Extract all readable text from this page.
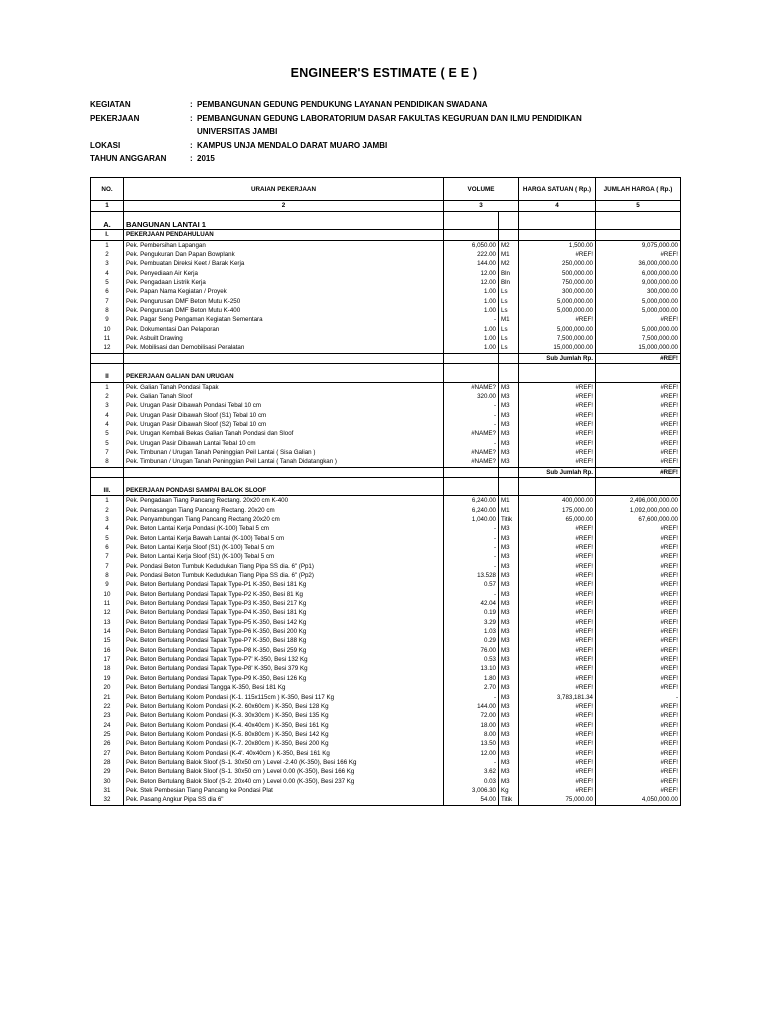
ENGINEER'S ESTIMATE ( E E )
KEGIATAN	: PEMBANGUNAN GEDUNG PENDUKUNG LAYANAN PENDIDIKAN SWADANA
PEKERJAAN	: PEMBANGUNAN GEDUNG LABORATORIUM DASAR FAKULTAS KEGURUAN DAN ILMU PENDIDIKAN
UNIVERSITAS JAMBI
LOKASI	: KAMPUS UNJA MENDALO DARAT MUARO JAMBI
TAHUN ANGGARAN	: 2015
NO.	URAIAN PEKERJAAN	VOLUME		HARGA SATUAN ( Rp.)	JUMLAH HARGA ( Rp.)
1	2	3		4	5

A.	BANGUNAN LANTAI 1				
I.	PEKERJAAN PENDAHULUAN				
1	Pek. Pembersihan Lapangan	6,050.00	M2	1,500.00	9,075,000.00
2	Pek. Pengukuran Dan Papan Bowplank	222.00	M1	#REF!	#REF!
3	Pek. Pembuatan Direksi Keet / Barak Kerja	144.00	M2	250,000.00	36,000,000.00
4	Pek. Penyediaan Air Kerja	12.00	Bln	500,000.00	6,000,000.00
5	Pek. Pengadaan Listrik Kerja	12.00	Bln	750,000.00	9,000,000.00
6	Pek. Papan Nama Kegiatan / Proyek	1.00	Ls	300,000.00	300,000.00
7	Pek. Pengurusan DMF Beton Mutu K-250	1.00	Ls	5,000,000.00	5,000,000.00
8	Pek. Pengurusan DMF Beton Mutu K-400	1.00	Ls	5,000,000.00	5,000,000.00
9	Pek. Pagar Seng Pengaman Kegiatan Sementara	-	M1	#REF!	#REF!
10	Pek. Dokumentasi Dan Pelaporan	1.00	Ls	5,000,000.00	5,000,000.00
11	Pek. Asbuilt Drawing	1.00	Ls	7,500,000.00	7,500,000.00
12	Pek. Mobilisasi dan Demobilisasi Peralatan	1.00	Ls	15,000,000.00	15,000,000.00
				Sub Jumlah Rp.	#REF!

II	PEKERJAAN GALIAN DAN URUGAN				
1	Pek. Galian Tanah Pondasi Tapak	#NAME?	M3	#REF!	#REF!
2	Pek. Galian Tanah Sloof	320.00	M3	#REF!	#REF!
3	Pek. Urugan Pasir Dibawah Pondasi Tebal 10 cm	-	M3	#REF!	#REF!
4	Pek. Urugan Pasir Dibawah Sloof (S1) Tebal 10 cm	-	M3	#REF!	#REF!
4	Pek. Urugan Pasir Dibawah Sloof (S2) Tebal 10 cm	-	M3	#REF!	#REF!
5	Pek. Urugan Kembali Bekas Galian Tanah Pondasi dan Sloof	#NAME?	M3	#REF!	#REF!
5	Pek. Urugan Pasir Dibawah Lantai Tebal 10 cm	-	M3	#REF!	#REF!
7	Pek. Timbunan / Urugan Tanah Peninggian Peil Lantai ( Sisa Galian )	#NAME?	M3	#REF!	#REF!
8	Pek. Timbunan / Urugan Tanah Peninggian Peil Lantai ( Tanah Didatangkan )	#NAME?	M3	#REF!	#REF!
				Sub Jumlah Rp.	#REF!

III.	PEKERJAAN PONDASI SAMPAI BALOK SLOOF				
1	Pek. Pengadaan Tiang Pancang Rectang. 20x20 cm K-400	6,240.00	M1	400,000.00	2,496,000,000.00
2	Pek. Pemasangan Tiang Pancang Rectang. 20x20 cm	6,240.00	M1	175,000.00	1,092,000,000.00
3	Pek. Penyambungan Tiang Pancang Rectang 20x20 cm	1,040.00	Titik	65,000.00	67,600,000.00
4	Pek. Beton Lantai Kerja Pondasi (K-100) Tebal 5 cm	-	M3	#REF!	#REF!
5	Pek. Beton Lantai Kerja Bawah Lantai (K-100) Tebal 5 cm	-	M3	#REF!	#REF!
6	Pek. Beton Lantai Kerja Sloof (S1) (K-100) Tebal 5 cm	-	M3	#REF!	#REF!
7	Pek. Beton Lantai Kerja Sloof (S1) (K-100) Tebal 5 cm	-	M3	#REF!	#REF!
7	Pek. Pondasi Beton Tumbuk Kedudukan Tiang Pipa SS dia. 6" (Pp1)	-	M3	#REF!	#REF!
8	Pek. Pondasi Beton Tumbuk Kedudukan Tiang Pipa SS dia. 6" (Pp2)	13.528	M3	#REF!	#REF!
9	Pek. Beton Bertulang Pondasi Tapak Type-P1 K-350, Besi 181 Kg	0.57	M3	#REF!	#REF!
10	Pek. Beton Bertulang Pondasi Tapak Type-P2 K-350, Besi 81 Kg	-	M3	#REF!	#REF!
11	Pek. Beton Bertulang Pondasi Tapak Type-P3 K-350, Besi 217 Kg	42.04	M3	#REF!	#REF!
12	Pek. Beton Bertulang Pondasi Tapak Type-P4 K-350, Besi 181 Kg	0.19	M3	#REF!	#REF!
13	Pek. Beton Bertulang Pondasi Tapak Type-P5 K-350, Besi 142 Kg	3.29	M3	#REF!	#REF!
14	Pek. Beton Bertulang Pondasi Tapak Type-P6 K-350, Besi 200 Kg	1.03	M3	#REF!	#REF!
15	Pek. Beton Bertulang Pondasi Tapak Type-P7 K-350, Besi 188 Kg	0.29	M3	#REF!	#REF!
16	Pek. Beton Bertulang Pondasi Tapak Type-P8 K-350, Besi 259 Kg	76.00	M3	#REF!	#REF!
17	Pek. Beton Bertulang Pondasi Tapak Type-P7' K-350, Besi 132 Kg	0.53	M3	#REF!	#REF!
18	Pek. Beton Bertulang Pondasi Tapak Type-P8' K-350, Besi 379 Kg	13.10	M3	#REF!	#REF!
19	Pek. Beton Bertulang Pondasi Tapak Type-P9 K-350, Besi 126 Kg	1.80	M3	#REF!	#REF!
20	Pek. Beton Bertulang Pondasi Tangga K-350, Besi 181 Kg	2.70	M3	#REF!	#REF!
21	Pek. Beton Bertulang Kolom Pondasi (K-1. 115x115cm ) K-350, Besi 117 Kg	-	M3	3,783,181.34	-
22	Pek. Beton Bertulang Kolom Pondasi (K-2. 60x60cm ) K-350, Besi 128 Kg	144.00	M3	#REF!	#REF!
23	Pek. Beton Bertulang Kolom Pondasi (K-3. 30x30cm ) K-350, Besi 135 Kg	72.00	M3	#REF!	#REF!
24	Pek. Beton Bertulang Kolom Pondasi (K-4. 40x40cm ) K-350, Besi 161 Kg	18.00	M3	#REF!	#REF!
25	Pek. Beton Bertulang Kolom Pondasi (K-5. 80x80cm ) K-350, Besi 142 Kg	8.00	M3	#REF!	#REF!
26	Pek. Beton Bertulang Kolom Pondasi (K-7. 20x80cm ) K-350, Besi 200 Kg	13.50	M3	#REF!	#REF!
27	Pek. Beton Bertulang Kolom Pondasi (K-4'. 40x40cm ) K-350, Besi 161 Kg	12.00	M3	#REF!	#REF!
28	Pek. Beton Bertulang Balok Sloof (S-1. 30x50 cm ) Level -2.40 (K-350), Besi 166 Kg	-	M3	#REF!	#REF!
29	Pek. Beton Bertulang Balok Sloof (S-1. 30x50 cm ) Level 0.00 (K-350), Besi 166 Kg	3.62	M3	#REF!	#REF!
30	Pek. Beton Bertulang Balok Sloof (S-2. 20x40 cm ) Level 0.00 (K-350), Besi 237 Kg	0.03	M3	#REF!	#REF!
31	Pek. Stek Pembesian Tiang Pancang ke Pondasi Plat	3,006.30	Kg	#REF!	#REF!
32	Pek. Pasang Angkur Pipa SS dia 6"	54.00	Titik	75,000.00	4,050,000.00
